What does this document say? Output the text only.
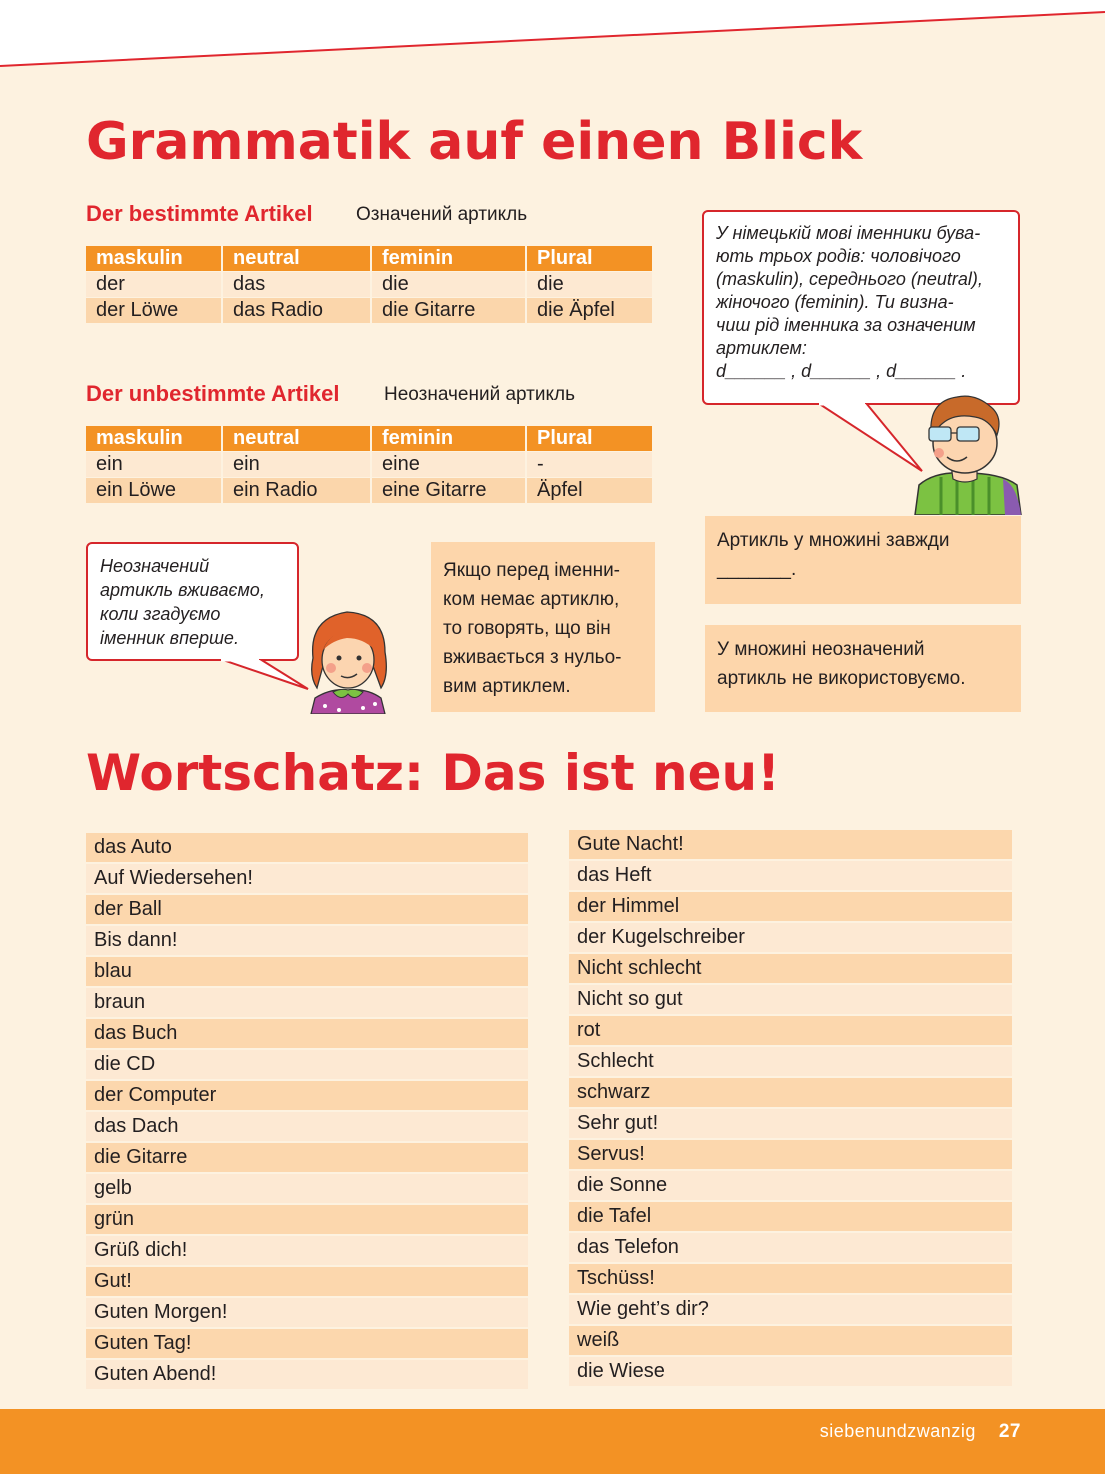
Grammatik auf einen Blick
Der bestimmte Artikel Означений артикль
maskulin	neutral	feminin	Plural
der	das	die	die
der Löwe	das Radio	die Gitarre	die Äpfel
Der unbestimmte Artikel Неозначений артикль
maskulin	neutral	feminin	Plural
ein	ein	eine	-
ein Löwe	ein Radio	eine Gitarre	Äpfel
У німецькій мові іменники бува-
ють трьох родів: чоловічого
(maskulin), середнього (neutral),
жіночого (feminin). Ти визна-
чиш рід іменника за означеним
артиклем:
d______ , d______ , d______ .
Артикль у множині завжди
_______.
У множині неозначений
артикль не використовуємо.
Неозначений
артикль вживаємо,
коли згадуємо
іменник вперше.
Якщо перед іменни-
ком немає артиклю,
то говорять, що він
вживається з нульо-
вим артиклем.
Wortschatz: Das ist neu!
das Auto
Auf Wiedersehen!
der Ball
Bis dann!
blau
braun
das Buch
die CD
der Computer
das Dach
die Gitarre
gelb
grün
Grüß dich!
Gut!
Guten Morgen!
Guten Tag!
Guten Abend!
Gute Nacht!
das Heft
der Himmel
der Kugelschreiber
Nicht schlecht
Nicht so gut
rot
Schlecht
schwarz
Sehr gut!
Servus!
die Sonne
die Tafel
das Telefon
Tschüss!
Wie geht’s dir?
weiß
die Wiese
siebenundzwanzig 27
